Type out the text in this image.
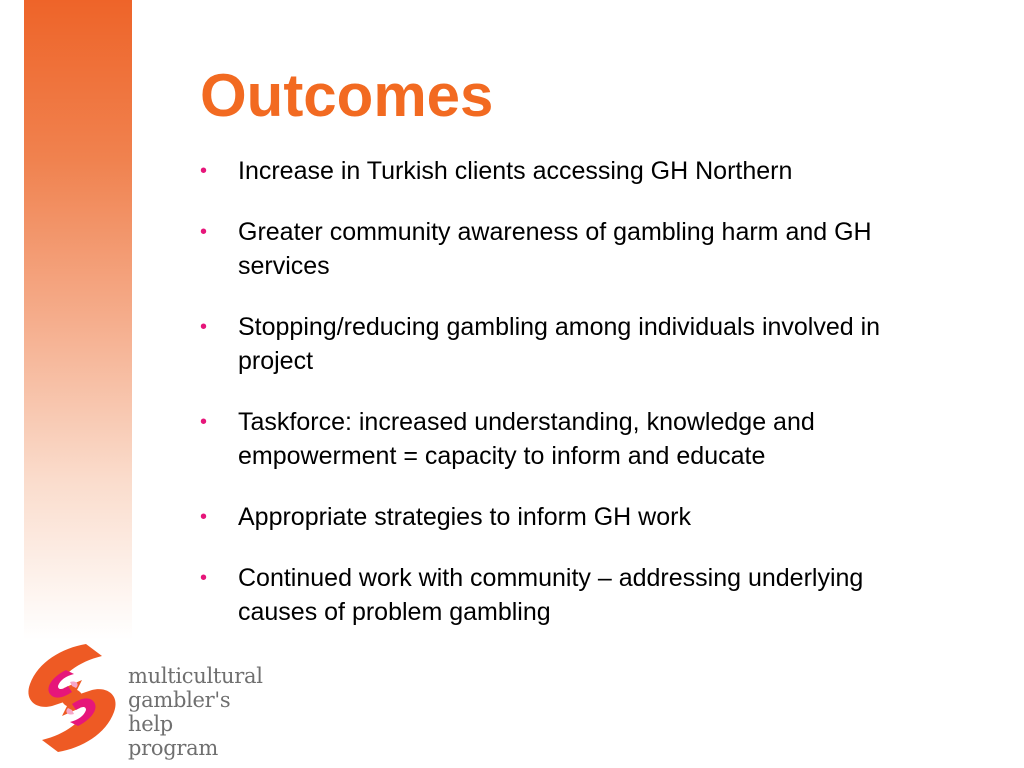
Outcomes
• Increase in Turkish clients accessing GH Northern
• Greater community awareness of gambling harm and GH services
• Stopping/reducing gambling among individuals involved in project
• Taskforce: increased understanding, knowledge and empowerment = capacity to inform and educate
• Appropriate strategies to inform GH work
• Continued work with community – addressing underlying causes of problem gambling
multicultural
gambler's help
program
